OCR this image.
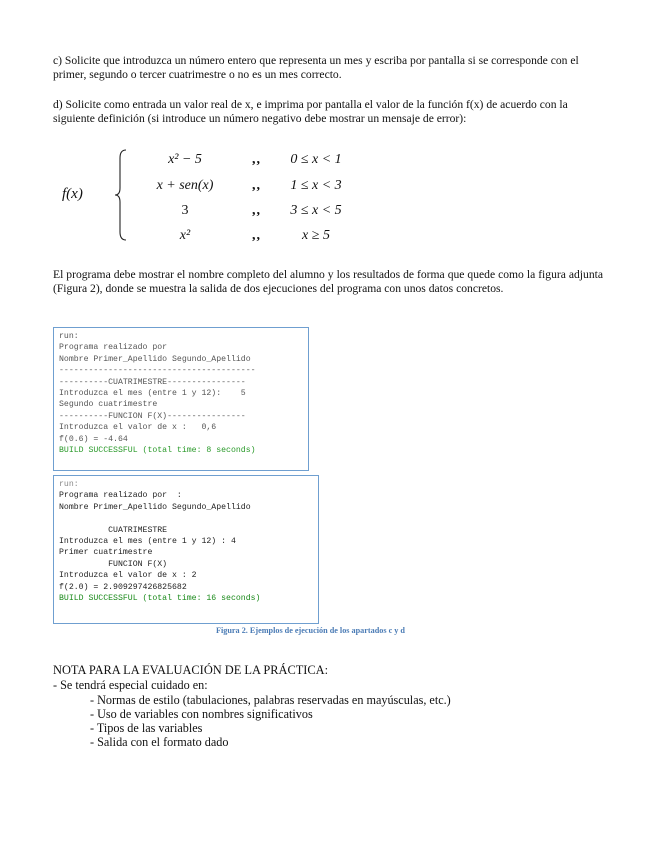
c) Solicite que introduzca un número entero que representa un mes y escriba por pantalla si se corresponde con el primer, segundo o tercer cuatrimestre o no es un mes correcto.

d) Solicite como entrada un valor real de x, e imprima por pantalla el valor de la función f(x) de acuerdo con la siguiente definición (si introduce un número negativo debe mostrar un mensaje de error):

f(x)
x² − 5	,,	0 ≤ x < 1
x + sen(x)	,,	1 ≤ x < 3
3	,,	3 ≤ x < 5
x²	,,	x ≥ 5

El programa debe mostrar el nombre completo del alumno y los resultados de forma que quede como la figura adjunta (Figura 2), donde se muestra la salida de dos ejecuciones del programa con unos datos concretos.

run:
Programa realizado por
Nombre Primer_Apellido Segundo_Apellido
----------------------------------------
----------CUATRIMESTRE----------------
Introduzca el mes (entre 1 y 12):    5
Segundo cuatrimestre
----------FUNCION F(X)----------------
Introduzca el valor de x :   0,6
f(0.6) = -4.64
BUILD SUCCESSFUL (total time: 8 seconds)
run:
Programa realizado por  :
Nombre Primer_Apellido Segundo_Apellido
CUATRIMESTRE
Introduzca el mes (entre 1 y 12) : 4
Primer cuatrimestre
FUNCION F(X)
Introduzca el valor de x : 2
f(2.0) = 2.909297426825682
BUILD SUCCESSFUL (total time: 16 seconds)
Figura 2. Ejemplos de ejecución de los apartados c y d
NOTA PARA LA EVALUACIÓN DE LA PRÁCTICA:
- Se tendrá especial cuidado en:
- Normas de estilo (tabulaciones, palabras reservadas en mayúsculas, etc.)
- Uso de variables con nombres significativos
- Tipos de las variables
- Salida con el formato dado
